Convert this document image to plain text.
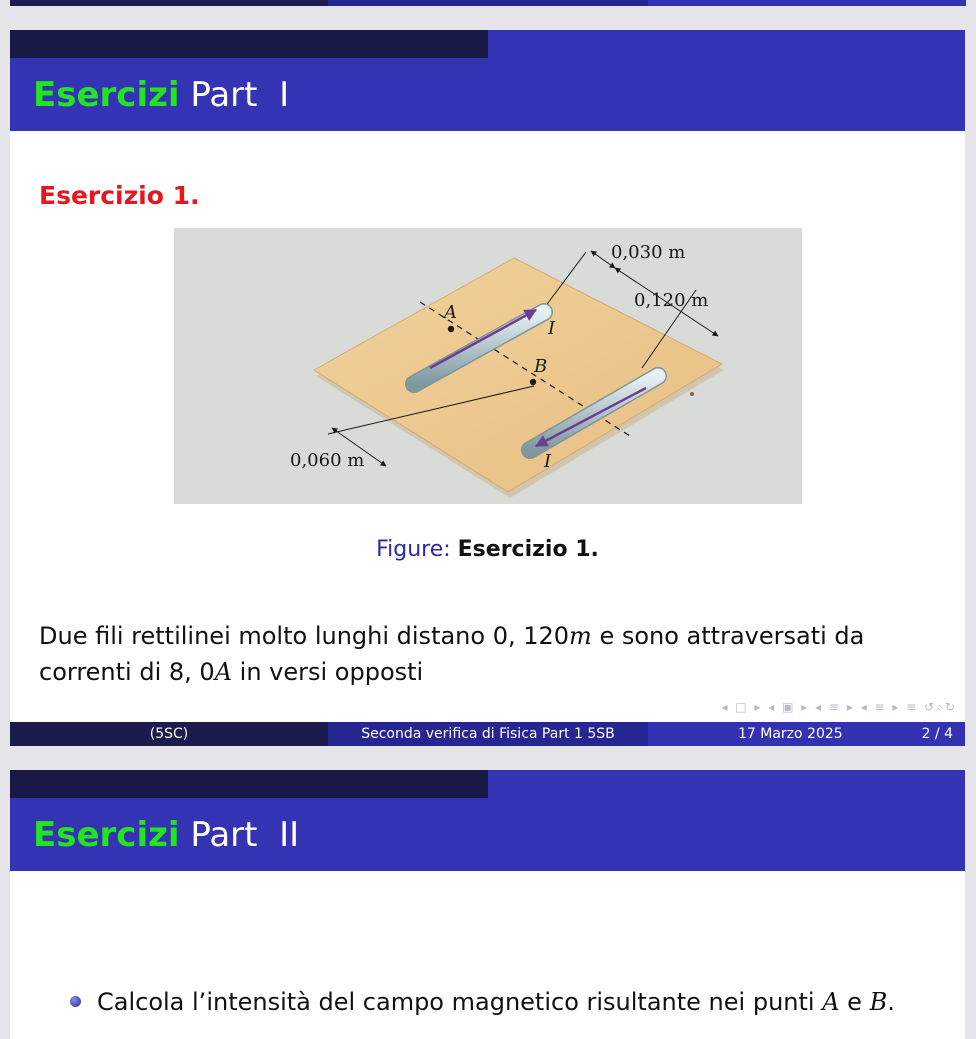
Esercizi Part I
Esercizio 1.
0,030 m
0,120 m
0,060 m
A
B
I
I
Figure: Esercizio 1.
Due fili rettilinei molto lunghi distano 0, 120m e sono attraversati da
correnti di 8, 0A in versi opposti
◂ □ ▸ ◂ ▣ ▸ ◂ ≡ ▸ ◂ ≡ ▸ ≡ ↺⌕↻
(5SC)	Seconda verifica di Fisica Part 1 5SB	17 Marzo 2025	2 / 4
Esercizi Part II
Calcola l’intensità del campo magnetico risultante nei punti A e B.
